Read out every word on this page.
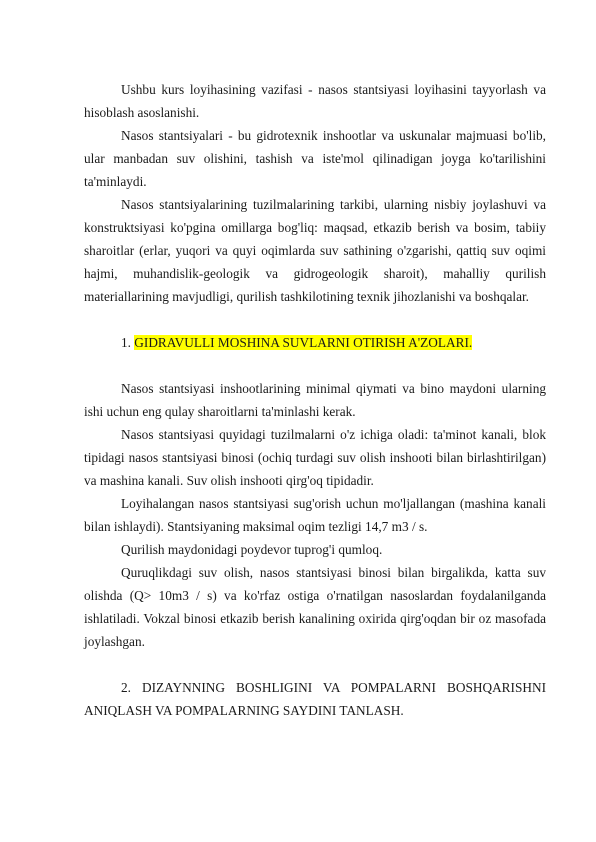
Ushbu kurs loyihasining vazifasi - nasos stantsiyasi loyihasini tayyorlash va hisoblash asoslanishi.

Nasos stantsiyalari - bu gidrotexnik inshootlar va uskunalar majmuasi bo'lib, ular manbadan suv olishini, tashish va iste'mol qilinadigan joyga ko'tarilishini ta'minlaydi.

Nasos stantsiyalarining tuzilmalarining tarkibi, ularning nisbiy joylashuvi va konstruktsiyasi ko'pgina omillarga bog'liq: maqsad, etkazib berish va bosim, tabiiy sharoitlar (erlar, yuqori va quyi oqimlarda suv sathining o'zgarishi, qattiq suv oqimi hajmi, muhandislik-geologik va gidrogeologik sharoit), mahalliy qurilish materiallarining mavjudligi, qurilish tashkilotining texnik jihozlanishi va boshqalar.

1. GIDRAVULLI MOSHINA SUVLARNI OTIRISH A'ZOLARI.

Nasos stantsiyasi inshootlarining minimal qiymati va bino maydoni ularning ishi uchun eng qulay sharoitlarni ta'minlashi kerak.

Nasos stantsiyasi quyidagi tuzilmalarni o'z ichiga oladi: ta'minot kanali, blok tipidagi nasos stantsiyasi binosi (ochiq turdagi suv olish inshooti bilan birlashtirilgan) va mashina kanali. Suv olish inshooti qirg'oq tipidadir.

Loyihalangan nasos stantsiyasi sug'orish uchun mo'ljallangan (mashina kanali bilan ishlaydi). Stantsiyaning maksimal oqim tezligi 14,7 m3 / s.

Qurilish maydonidagi poydevor tuprog'i qumloq.

Quruqlikdagi suv olish, nasos stantsiyasi binosi bilan birgalikda, katta suv olishda (Q> 10m3 / s) va ko'rfaz ostiga o'rnatilgan nasoslardan foydalanilganda ishlatiladi. Vokzal binosi etkazib berish kanalining oxirida qirg'oqdan bir oz masofada joylashgan.

2. DIZAYNNING BOSHLIGINI VA POMPALARNI BOSHQARISHNI ANIQLASH VA POMPALARNING SAYDINI TANLASH.
